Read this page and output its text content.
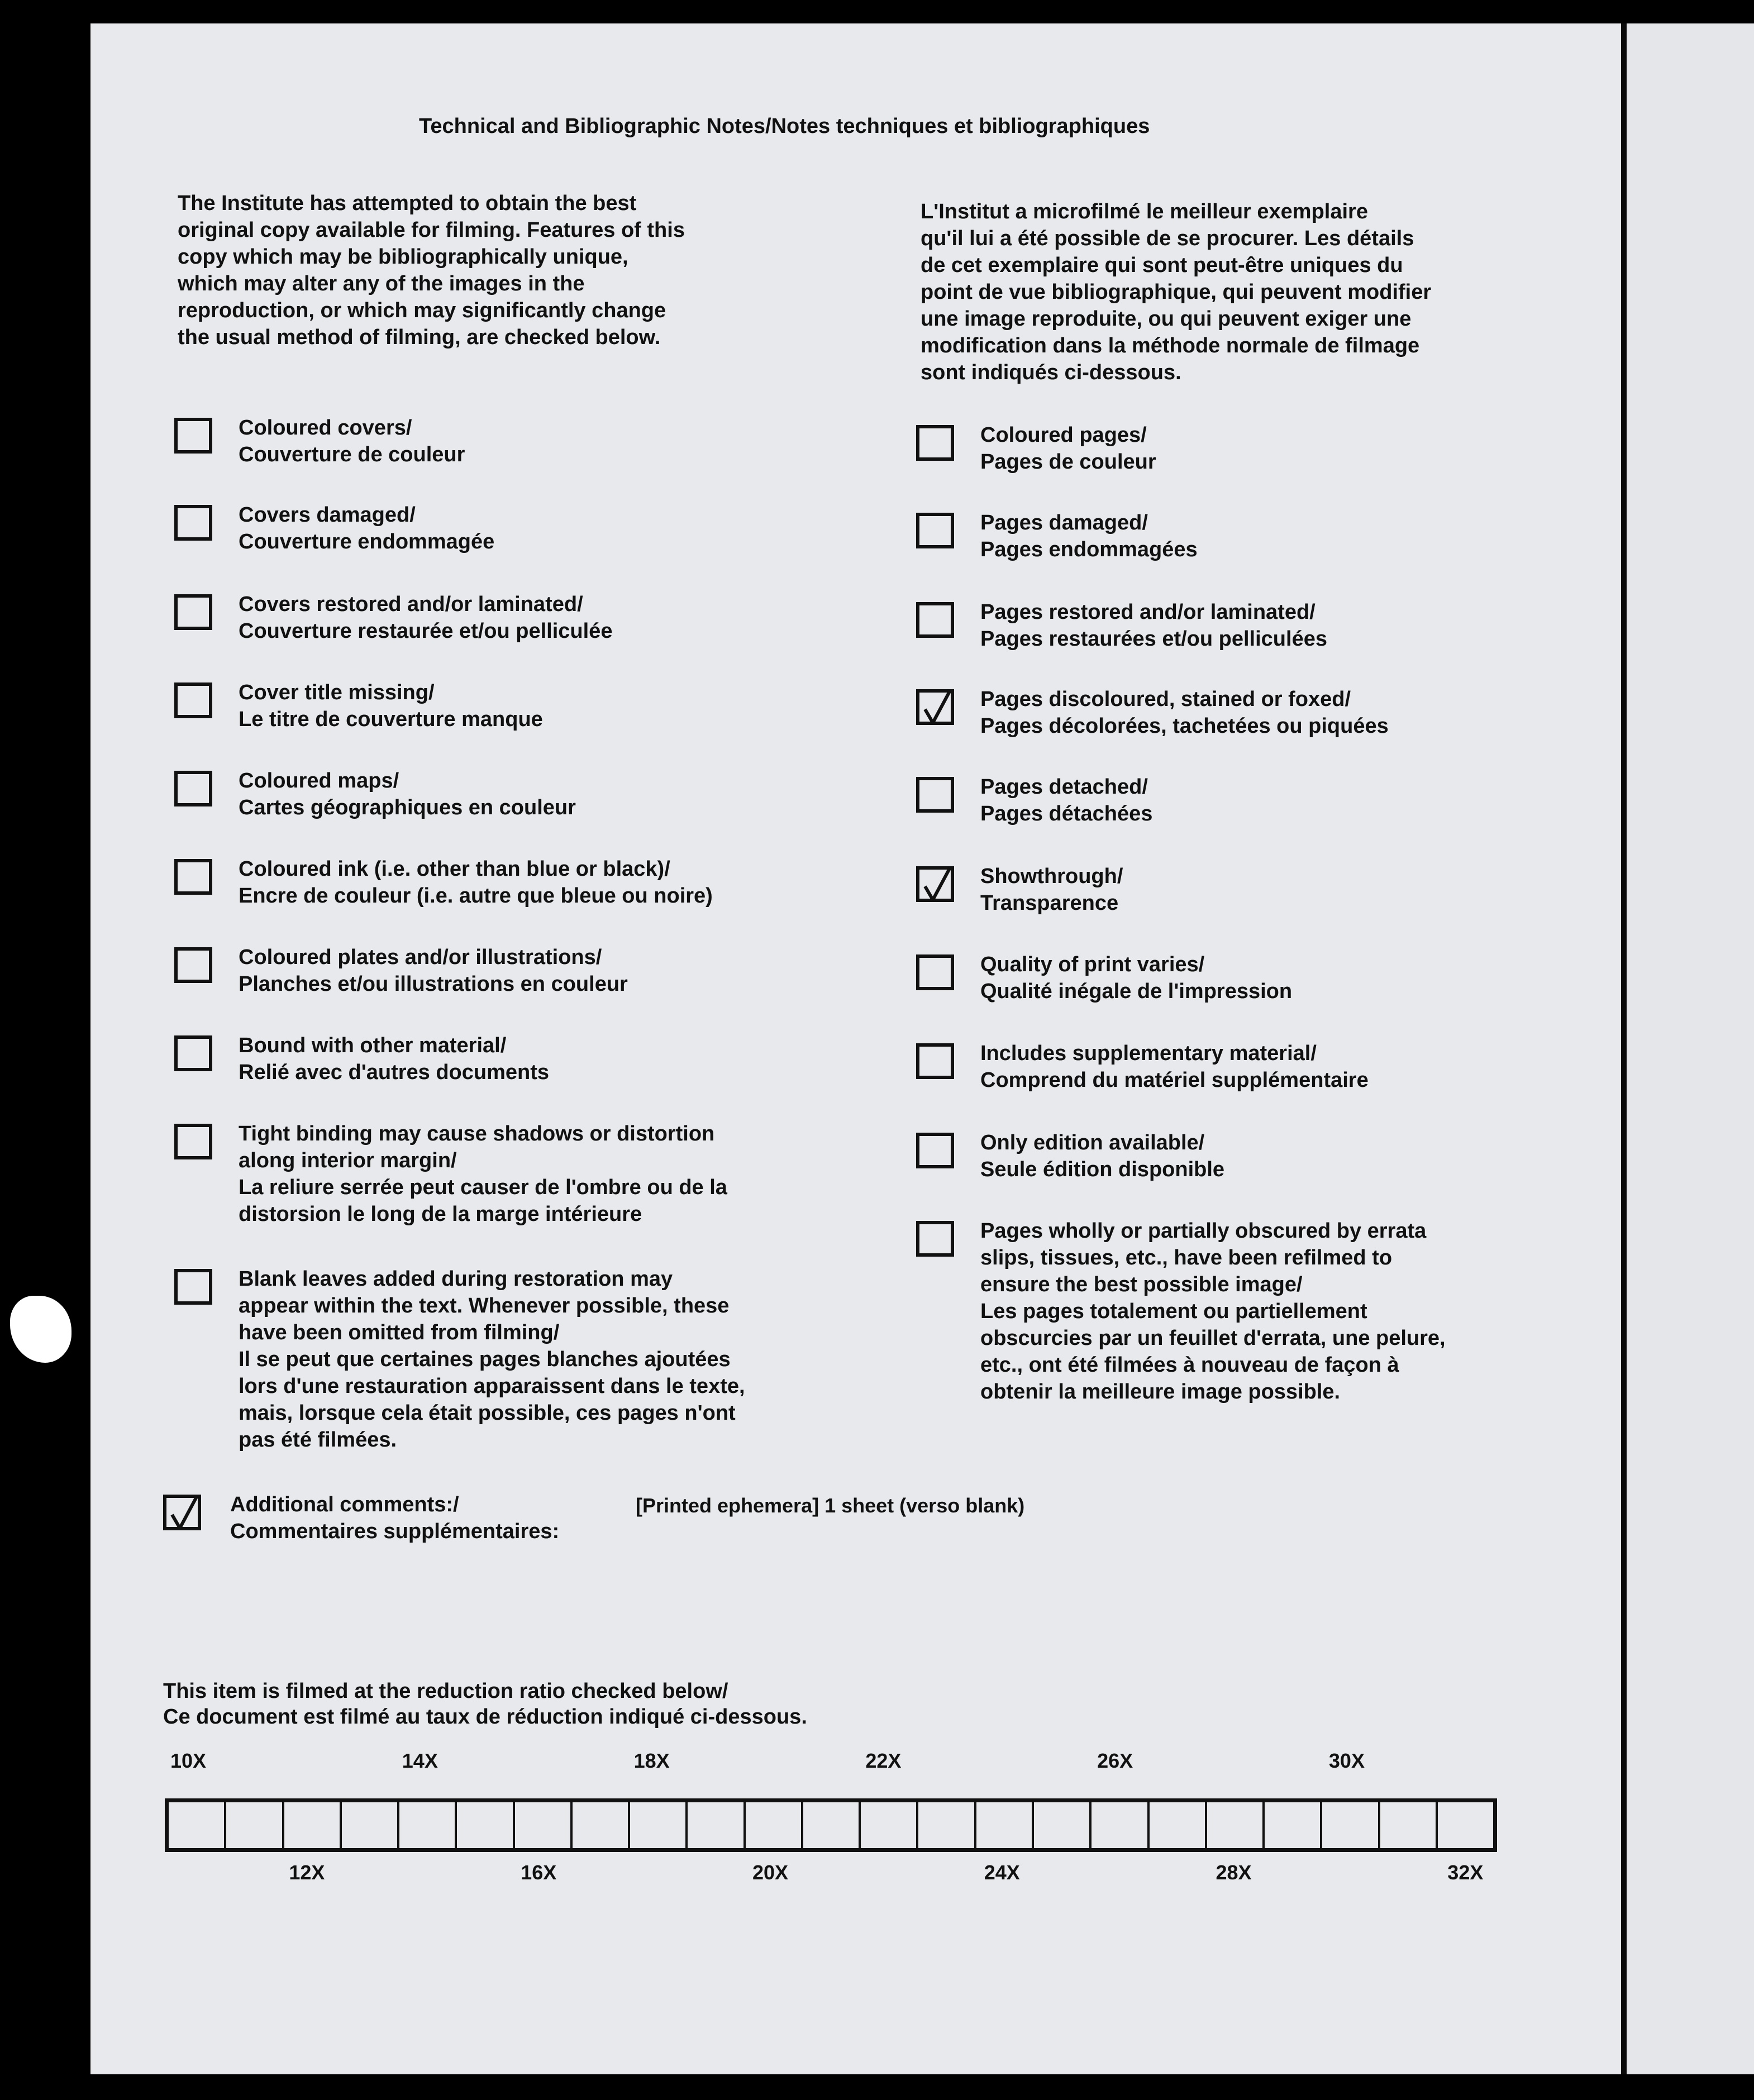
Technical and Bibliographic Notes/Notes techniques et bibliographiques
The Institute has attempted to obtain the best
original copy available for filming. Features of this
copy which may be bibliographically unique,
which may alter any of the images in the
reproduction, or which may significantly change
the usual method of filming, are checked below.
L'Institut a microfilmé le meilleur exemplaire
qu'il lui a été possible de se procurer. Les détails
de cet exemplaire qui sont peut-être uniques du
point de vue bibliographique, qui peuvent modifier
une image reproduite, ou qui peuvent exiger une
modification dans la méthode normale de filmage
sont indiqués ci-dessous.
Coloured covers/
Couverture de couleur
Covers damaged/
Couverture endommagée
Covers restored and/or laminated/
Couverture restaurée et/ou pelliculée
Cover title missing/
Le titre de couverture manque
Coloured maps/
Cartes géographiques en couleur
Coloured ink (i.e. other than blue or black)/
Encre de couleur (i.e. autre que bleue ou noire)
Coloured plates and/or illustrations/
Planches et/ou illustrations en couleur
Bound with other material/
Relié avec d'autres documents
Tight binding may cause shadows or distortion
along interior margin/
La reliure serrée peut causer de l'ombre ou de la
distorsion le long de la marge intérieure
Blank leaves added during restoration may
appear within the text. Whenever possible, these
have been omitted from filming/
Il se peut que certaines pages blanches ajoutées
lors d'une restauration apparaissent dans le texte,
mais, lorsque cela était possible, ces pages n'ont
pas été filmées.
Coloured pages/
Pages de couleur
Pages damaged/
Pages endommagées
Pages restored and/or laminated/
Pages restaurées et/ou pelliculées
Pages discoloured, stained or foxed/
Pages décolorées, tachetées ou piquées
Pages detached/
Pages détachées
Showthrough/
Transparence
Quality of print varies/
Qualité inégale de l'impression
Includes supplementary material/
Comprend du matériel supplémentaire
Only edition available/
Seule édition disponible
Pages wholly or partially obscured by errata
slips, tissues, etc., have been refilmed to
ensure the best possible image/
Les pages totalement ou partiellement
obscurcies par un feuillet d'errata, une pelure,
etc., ont été filmées à nouveau de façon à
obtenir la meilleure image possible.
Additional comments:/
Commentaires supplémentaires:
[Printed ephemera] 1 sheet (verso blank)
This item is filmed at the reduction ratio checked below/
Ce document est filmé au taux de réduction indiqué ci-dessous.
10X	14X	18X	22X	26X	30X
12X	16X	20X	24X	28X	32X
